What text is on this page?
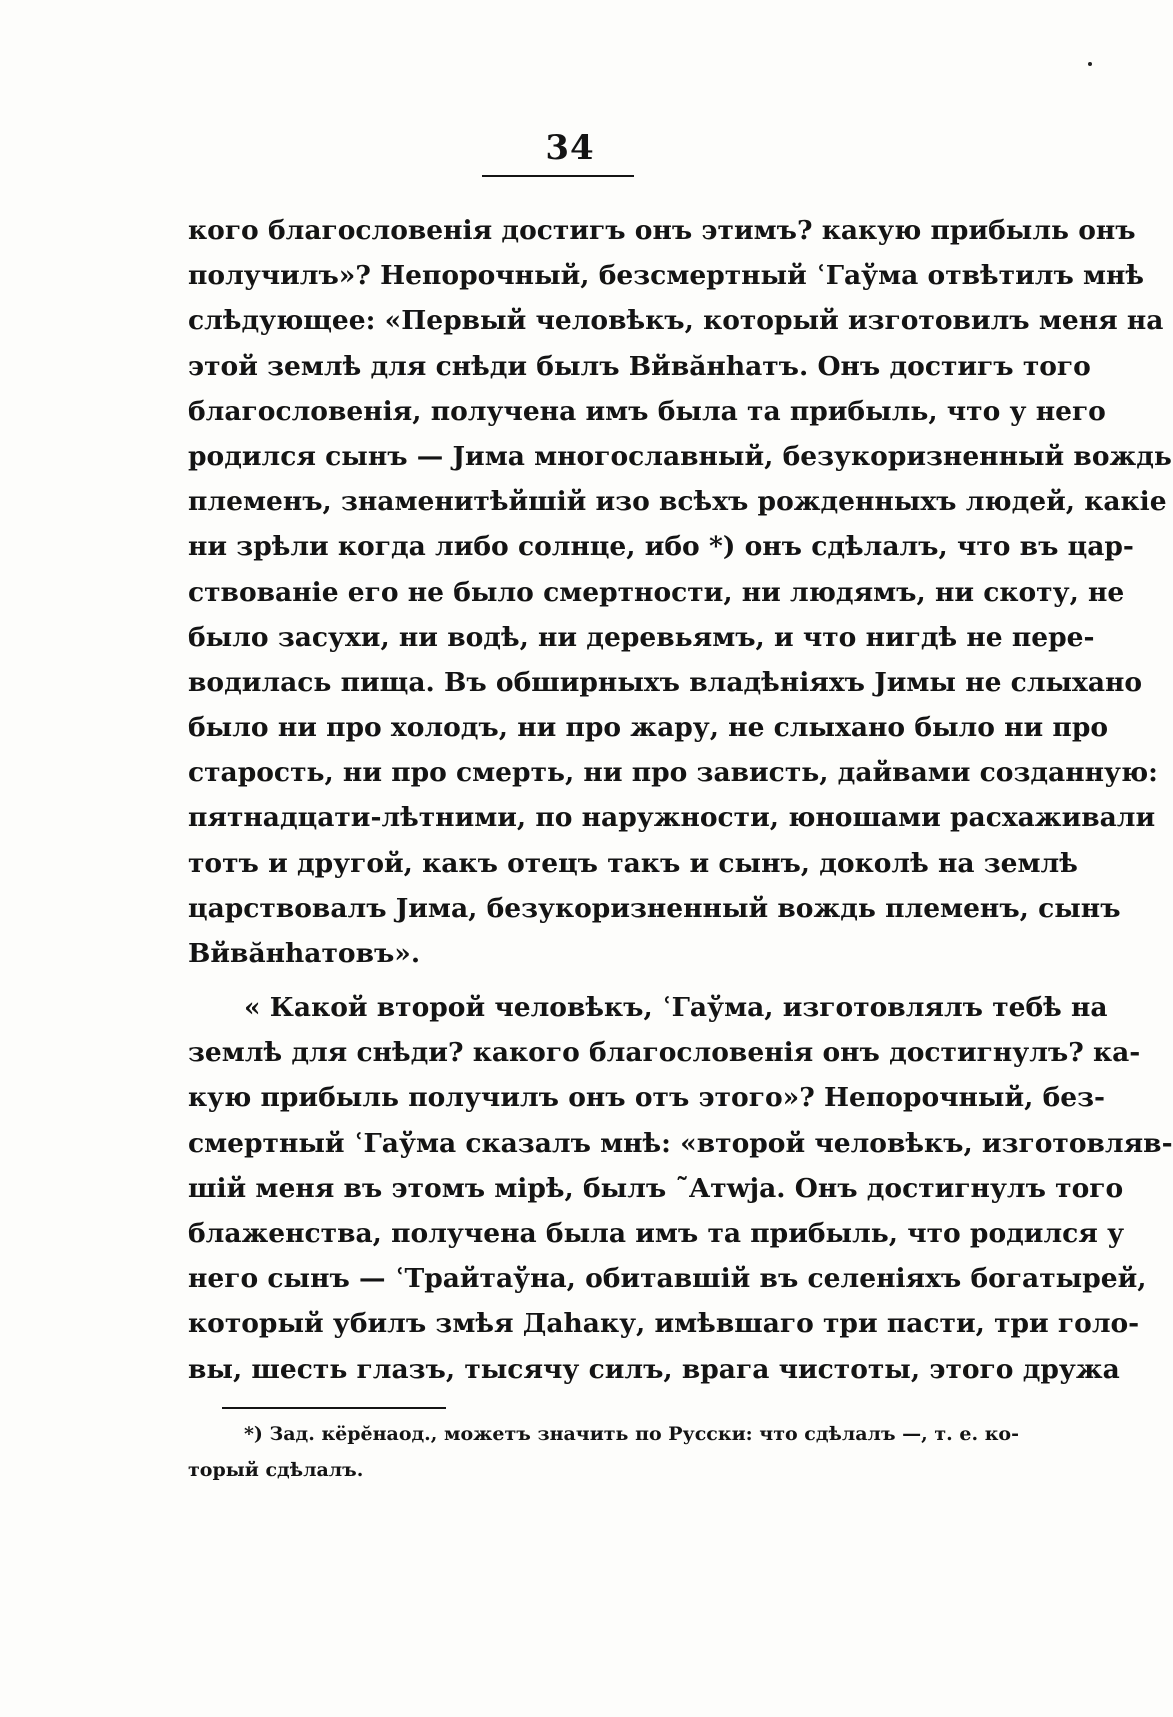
34
кого благословенія достигъ онъ этимъ? какую прибыль онъ
получилъ»? Непорочный, безсмертный ʿГаўма отвѣтилъ мнѣ
слѣдующее: «Первый человѣкъ, который изготовилъ меня на
этой землѣ для снѣди былъ Вйвӑнhатъ. Онъ достигъ того
благословенія, получена имъ была та прибыль, что у него
родился сынъ — Јима многославный, безукоризненный вождь
племенъ, знаменитѣйшій изо всѣхъ рожденныхъ людей, какіе
ни зрѣли когда либо солнце, ибо *) онъ сдѣлалъ, что въ цар-
ствованіе его не было смертности, ни людямъ, ни скоту, не
было засухи, ни водѣ, ни деревьямъ, и что нигдѣ не пере-
водилась пища. Въ обширныхъ владѣніяхъ Јимы не слыхано
было ни про холодъ, ни про жару, не слыхано было ни про
старость, ни про смерть, ни про зависть, дайвами созданную:
пятнадцати-лѣтними, по наружности, юношами расхаживали
тотъ и другой, какъ отецъ такъ и сынъ, доколѣ на землѣ
царствовалъ Јима, безукоризненный вождь племенъ, сынъ
Вйвӑнhатовъ».
« Какой второй человѣкъ, ʿГаўма, изготовлялъ тебѣ на
землѣ для снѣди? какого благословенія онъ достигнулъ? ка-
кую прибыль получилъ онъ отъ этого»? Непорочный, без-
смертный ʿГаўма сказалъ мнѣ: «второй человѣкъ, изготовляв-
шій меня въ этомъ мірѣ, былъ ˜Атwја. Онъ достигнулъ того
блаженства, получена была имъ та прибыль, что родился у
него сынъ — ʿТрайтаўна, обитавшій въ селеніяхъ богатырей,
который убилъ змѣя Даhаку, имѣвшаго три пасти, три голо-
вы, шесть глазъ, тысячу силъ, врага чистоты, этого дружа
*) Зад. кёрĕнаод., можетъ значить по Русски: что сдѣлалъ —, т. е. ко-
торый сдѣлалъ.
